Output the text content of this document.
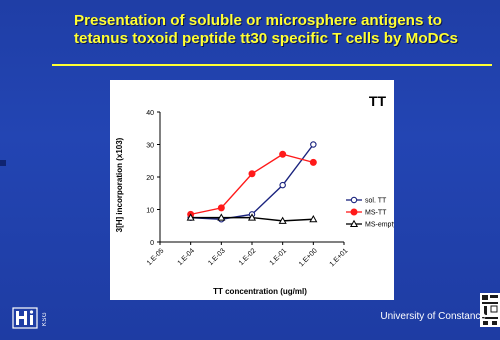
Presentation of soluble or microsphere antigens to
tetanus toxoid peptide tt30 specific T cells by MoDCs
0
10
20
30
40
1.E-05 1.E-04 1.E-03 1.E-02 1.E-01 1.E+00 1.E+01
TT
TT concentration (ug/ml)
3[H] incorporation (x103)	sol. TT
MS-TT
MS-empty
KSG	University of Constance
